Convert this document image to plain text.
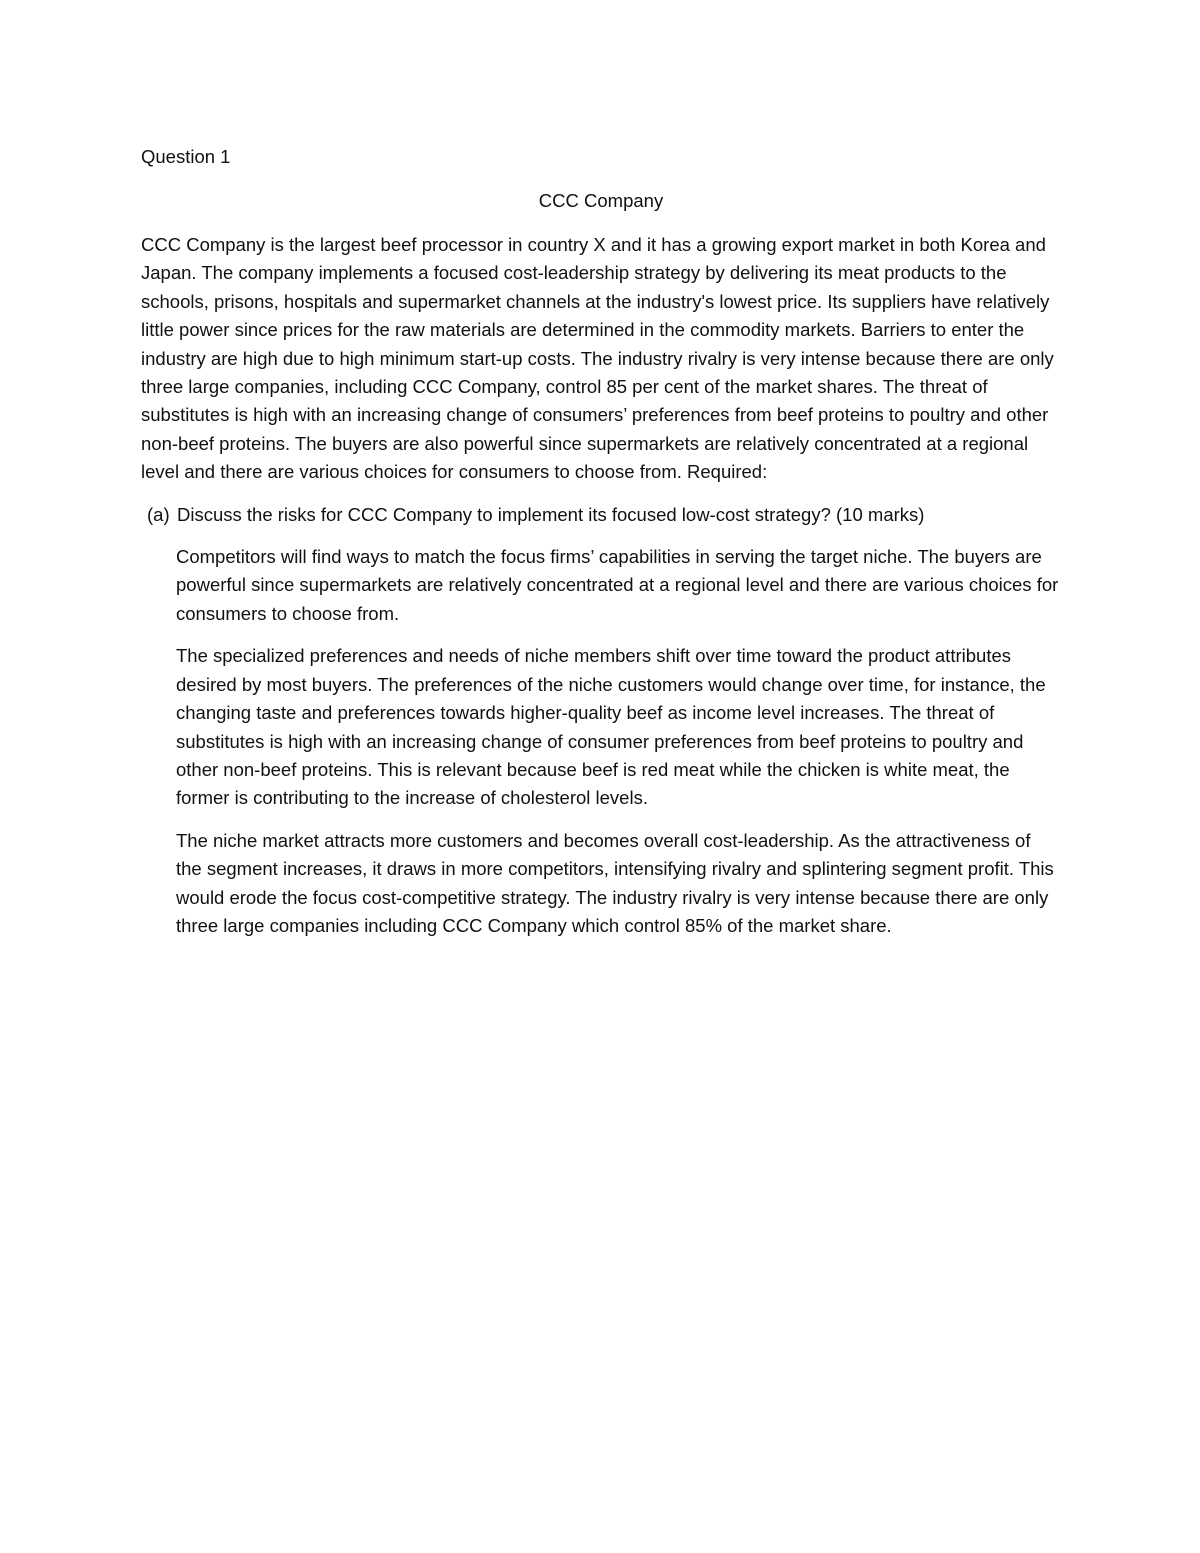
Question 1

CCC Company

CCC Company is the largest beef processor in country X and it has a growing export market in both Korea and Japan. The company implements a focused cost-leadership strategy by delivering its meat products to the schools, prisons, hospitals and supermarket channels at the industry's lowest price. Its suppliers have relatively little power since prices for the raw materials are determined in the commodity markets. Barriers to enter the industry are high due to high minimum start-up costs. The industry rivalry is very intense because there are only three large companies, including CCC Company, control 85 per cent of the market shares. The threat of substitutes is high with an increasing change of consumers’ preferences from beef proteins to poultry and other non-beef proteins. The buyers are also powerful since supermarkets are relatively concentrated at a regional level and there are various choices for consumers to choose from. Required:

(a) Discuss the risks for CCC Company to implement its focused low-cost strategy? (10 marks)

Competitors will find ways to match the focus firms’ capabilities in serving the target niche. The buyers are powerful since supermarkets are relatively concentrated at a regional level and there are various choices for consumers to choose from.

The specialized preferences and needs of niche members shift over time toward the product attributes desired by most buyers. The preferences of the niche customers would change over time, for instance, the changing taste and preferences towards higher-quality beef as income level increases. The threat of substitutes is high with an increasing change of consumer preferences from beef proteins to poultry and other non-beef proteins. This is relevant because beef is red meat while the chicken is white meat, the former is contributing to the increase of cholesterol levels.

The niche market attracts more customers and becomes overall cost-leadership. As the attractiveness of the segment increases, it draws in more competitors, intensifying rivalry and splintering segment profit. This would erode the focus cost-competitive strategy. The industry rivalry is very intense because there are only three large companies including CCC Company which control 85% of the market share.
